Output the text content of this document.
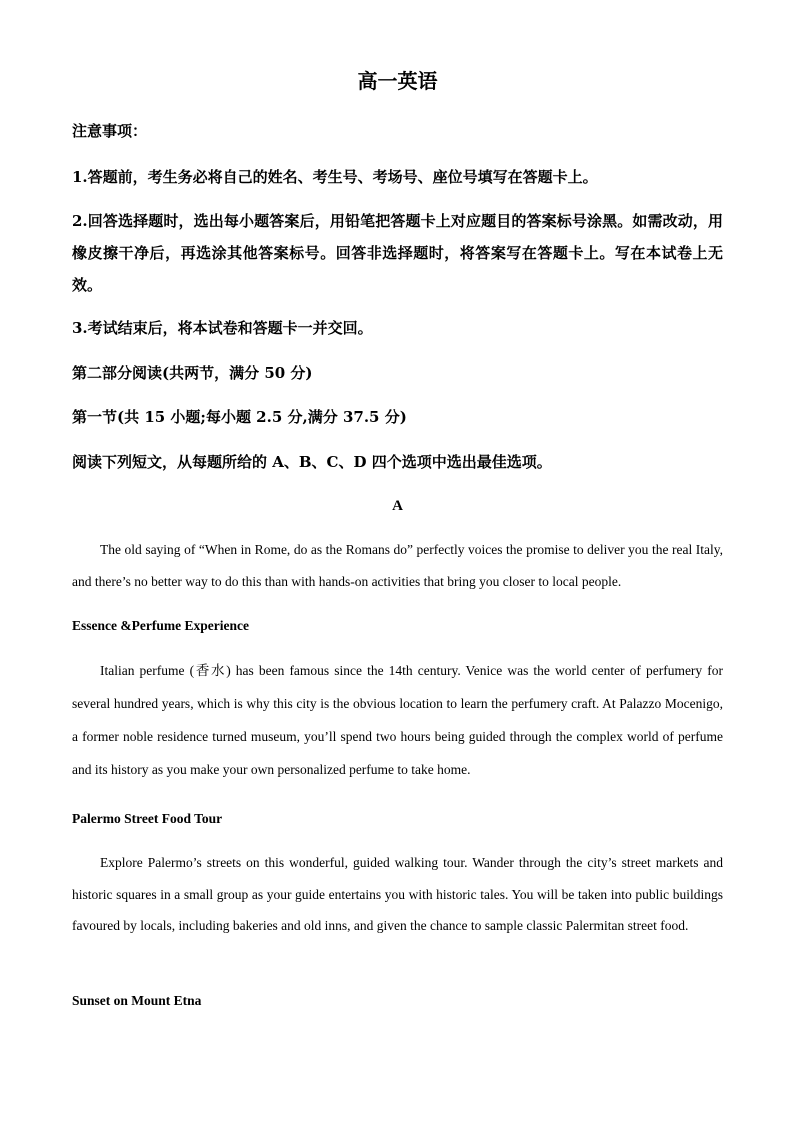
高一英语
注意事项：
1.答题前，考生务必将自己的姓名、考生号、考场号、座位号填写在答题卡上。
2.回答选择题时，选出每小题答案后，用铅笔把答题卡上对应题目的答案标号涂黑。如需改动，用橡皮擦干净后，再选涂其他答案标号。回答非选择题时，将答案写在答题卡上。写在本试卷上无效。
3.考试结束后，将本试卷和答题卡一并交回。
第二部分阅读(共两节，满分 50 分)
第一节(共 15 小题;每小题 2.5 分,满分 37.5 分)
阅读下列短文，从每题所给的 A、B、C、D 四个选项中选出最佳选项。
A
The old saying of “When in Rome, do as the Romans do” perfectly voices the promise to deliver you the real Italy, and there’s no better way to do this than with hands-on activities that bring you closer to local people.
Essence &Perfume Experience
Italian perfume (香水) has been famous since the 14th century. Venice was the world center of perfumery for several hundred years, which is why this city is the obvious location to learn the perfumery craft. At Palazzo Mocenigo, a former noble residence turned museum, you’ll spend two hours being guided through the complex world of perfume and its history as you make your own personalized perfume to take home.
Palermo Street Food Tour
Explore Palermo’s streets on this wonderful, guided walking tour. Wander through the city’s street markets and historic squares in a small group as your guide entertains you with historic tales. You will be taken into public buildings favoured by locals, including bakeries and old inns, and given the chance to sample classic Palermitan street food.
Sunset on Mount Etna
